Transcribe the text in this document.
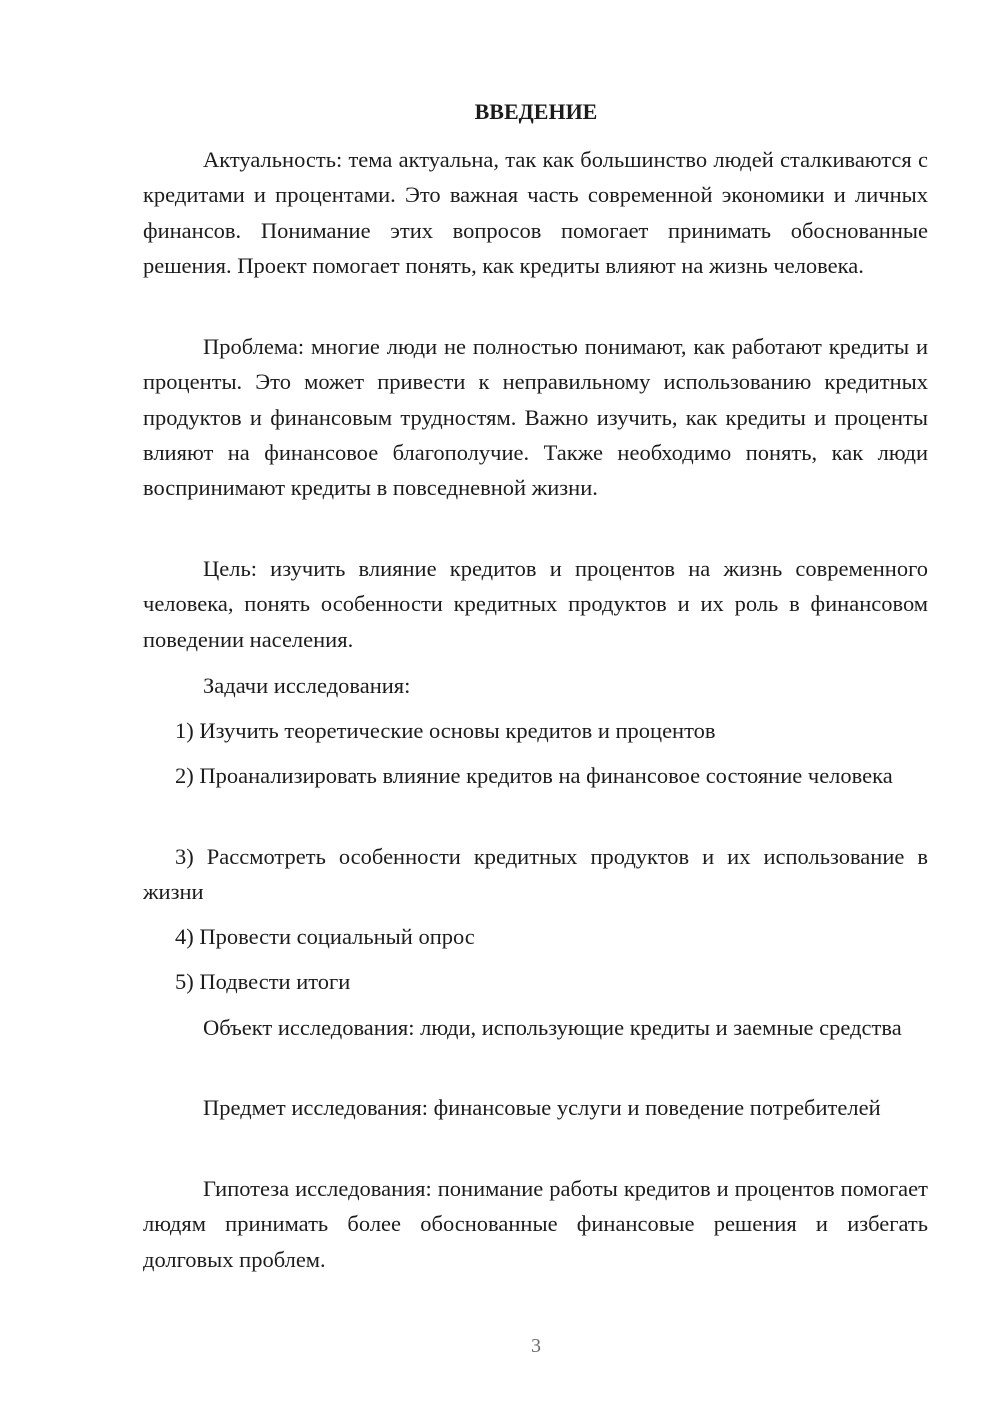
ВВЕДЕНИЕ

Актуальность: тема актуальна, так как большинство людей сталкиваются с кредитами и процентами. Это важная часть современной экономики и личных финансов. Понимание этих вопросов помогает принимать обоснованные решения. Проект помогает понять, как кредиты влияют на жизнь человека.

Проблема: многие люди не полностью понимают, как работают кредиты и проценты. Это может привести к неправильному использованию кредитных продуктов и финансовым трудностям. Важно изучить, как кредиты и проценты влияют на финансовое благополучие. Также необходимо понять, как люди воспринимают кредиты в повседневной жизни.

Цель: изучить влияние кредитов и процентов на жизнь современного человека, понять особенности кредитных продуктов и их роль в финансовом поведении населения.

Задачи исследования:

1) Изучить теоретические основы кредитов и процентов

2) Проанализировать влияние кредитов на финансовое состояние человека

3) Рассмотреть особенности кредитных продуктов и их использование в жизни

4) Провести социальный опрос

5) Подвести итоги

Объект исследования: люди, использующие кредиты и заемные средства

Предмет исследования: финансовые услуги и поведение потребителей

Гипотеза исследования: понимание работы кредитов и процентов помогает людям принимать более обоснованные финансовые решения и избегать долговых проблем.

3
